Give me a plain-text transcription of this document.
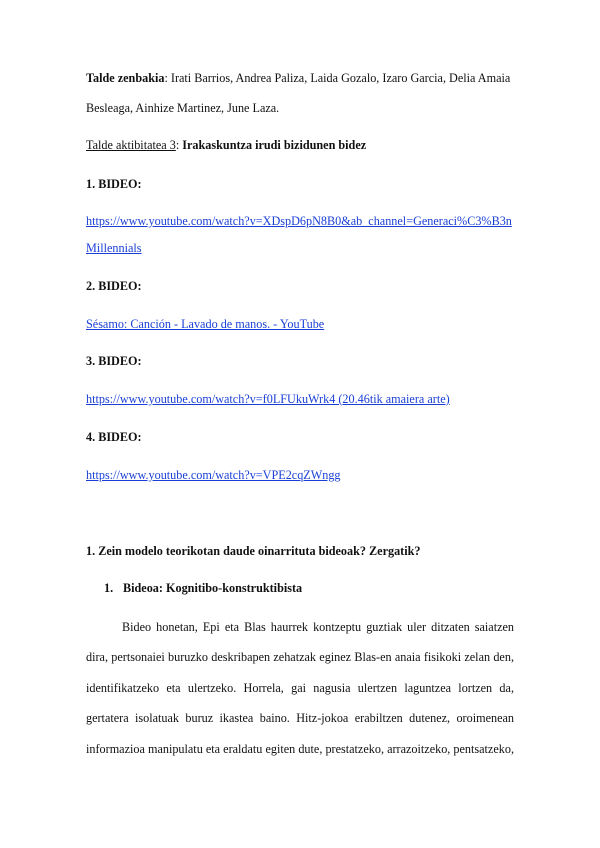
Talde zenbakia: Irati Barrios, Andrea Paliza, Laida Gozalo, Izaro Garcia, Delia Amaia
Besleaga, Ainhize Martinez, June Laza.
Talde aktibitatea 3: Irakaskuntza irudi bizidunen bidez
1. BIDEO:
https://www.youtube.com/watch?v=XDspD6pN8B0&ab_channel=Generaci%C3%B3n
Millennials
2. BIDEO:
Sésamo: Canción - Lavado de manos. - YouTube
3. BIDEO:
https://www.youtube.com/watch?v=f0LFUkuWrk4 (20.46tik amaiera arte)
4. BIDEO:
https://www.youtube.com/watch?v=VPE2cqZWngg
1. Zein modelo teorikotan daude oinarrituta bideoak? Zergatik?
1. Bideoa: Kognitibo-konstruktibista
Bideo honetan, Epi eta Blas haurrek kontzeptu guztiak uler ditzaten saiatzen
dira, pertsonaiei buruzko deskribapen zehatzak eginez Blas-en anaia fisikoki zelan den,
identifikatzeko eta ulertzeko. Horrela, gai nagusia ulertzen laguntzea lortzen da,
gertatera isolatuak buruz ikastea baino. Hitz-jokoa erabiltzen dutenez, oroimenean
informazioa manipulatu eta eraldatu egiten dute, prestatzeko, arrazoitzeko, pentsatzeko,
